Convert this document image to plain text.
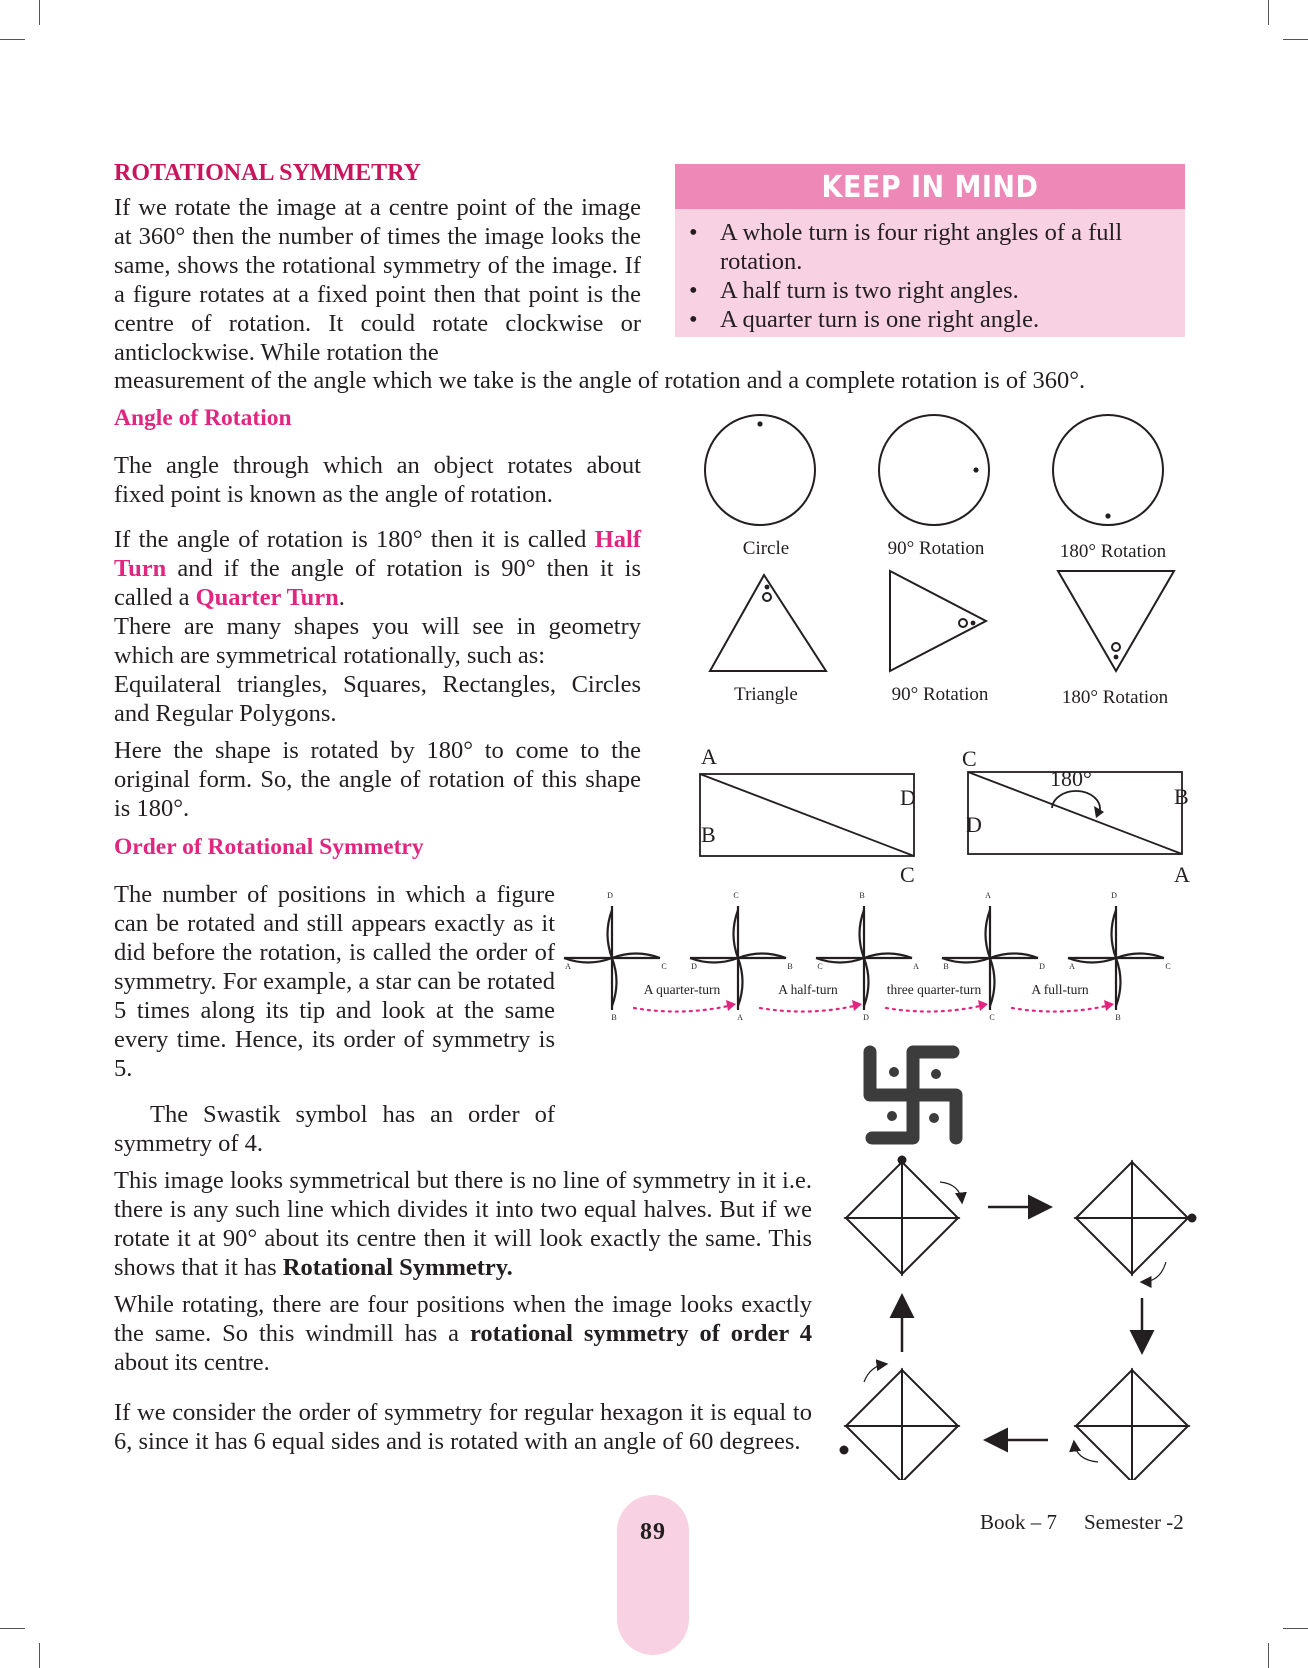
ROTATIONAL SYMMETRY
If we rotate the image at a centre point of the image at 360° then the number of times the image looks the same, shows the rotational symmetry of the image. If a figure rotates at a fixed point then that point is the centre of rotation. It could rotate clockwise or anticlockwise. While rotation the
measurement of the angle which we take is the angle of rotation and a complete rotation is of 360°.
KEEP IN MIND
• A whole turn is four right angles of a full rotation.
• A half turn is two right angles.
• A quarter turn is one right angle.
Angle of Rotation
The angle through which an object rotates about fixed point is known as the angle of rotation.
If the angle of rotation is 180° then it is called Half Turn and if the angle of rotation is 90° then it is called a Quarter Turn.
There are many shapes you will see in geometry which are symmetrical rotationally, such as:
Equilateral triangles, Squares, Rectangles, Circles and Regular Polygons.
Here the shape is rotated by 180° to come to the original form. So, the angle of rotation of this shape is 180°.
Order of Rotational Symmetry
The number of positions in which a figure can be rotated and still appears exactly as it did before the rotation, is called the order of symmetry. For example, a star can be rotated 5 times along its tip and look at the same every time. Hence, its order of symmetry is 5.
The Swastik symbol has an order of symmetry of 4.
This image looks symmetrical but there is no line of symmetry in it i.e. there is any such line which divides it into two equal halves. But if we rotate it at 90° about its centre then it will look exactly the same. This shows that it has Rotational Symmetry.
While rotating, there are four positions when the image looks exactly the same. So this windmill has a rotational symmetry of order 4 about its centre.
If we consider the order of symmetry for regular hexagon it is equal to 6, since it has 6 equal sides and is rotated with an angle of 60 degrees.
Circle	90° Rotation	180° Rotation
Triangle	90° Rotation	180° Rotation
A
B
D
C
C
D
B
A
180°
D
A	C
B
C
D	B
A
B
C	A
D
A
B	D
C
D
A	C
B
A quarter-turn	A half-turn	three quarter-turn	A full-turn
89	Book – 7 Semester -2
